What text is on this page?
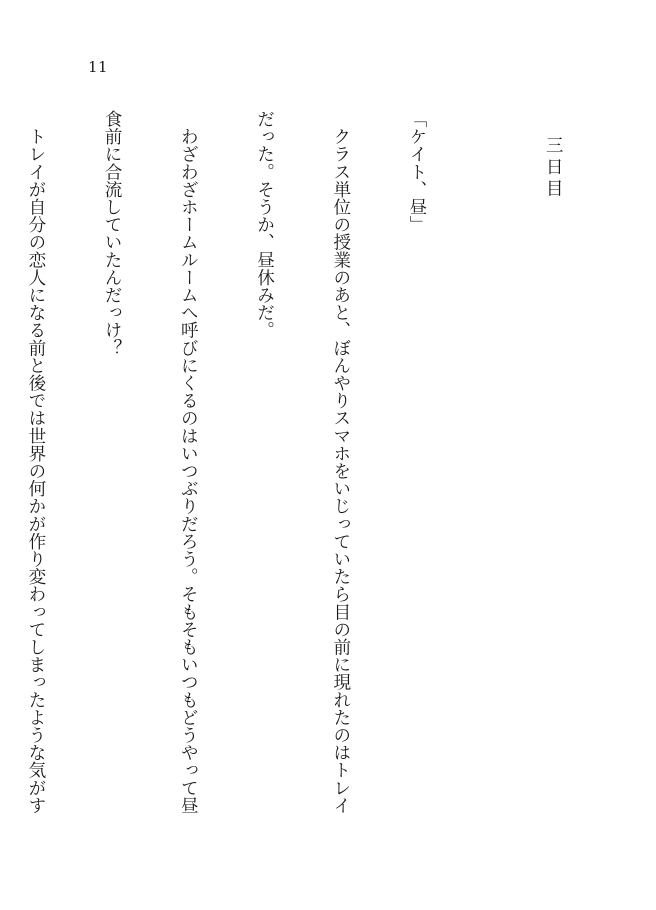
11

三日目

「ケイト、昼」

　クラス単位の授業のあと、ぼんやりスマホをいじっていたら目の前に現れたのはトレイ

だった。そうか、昼休みだ。

　わざわざホームルームへ呼びにくるのはいつぶりだろう。そもそもいつもどうやって昼

食前に合流していたんだっけ？

　トレイが自分の恋人になる前と後では世界の何かが作り変わってしまったような気がす
